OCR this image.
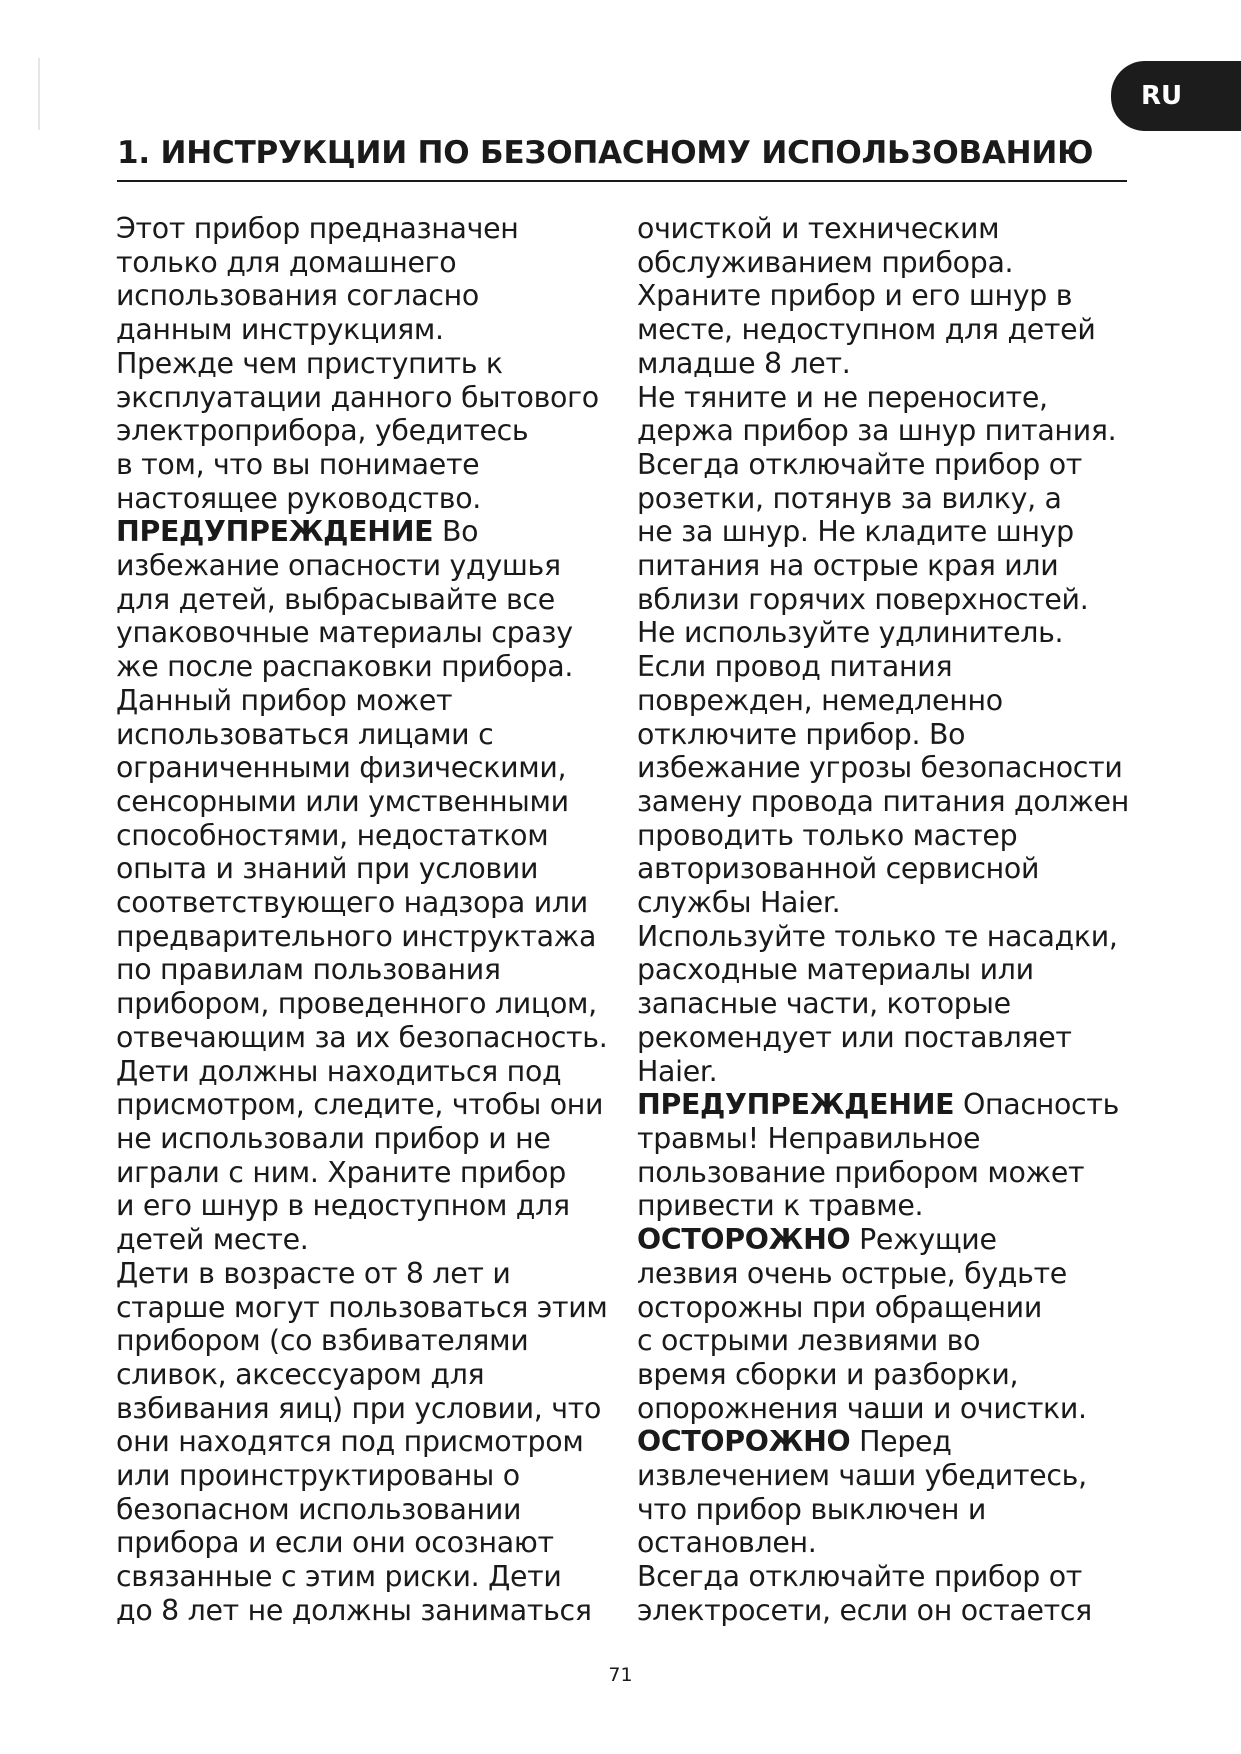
RU
1. ИНСТРУКЦИИ ПО БЕЗОПАСНОМУ ИСПОЛЬЗОВАНИЮ
Этот прибор предназначен
только для домашнего
использования согласно
данным инструкциям.
Прежде чем приступить к
эксплуатации данного бытового
электроприбора, убедитесь
в том, что вы понимаете
настоящее руководство.
ПРЕДУПРЕЖДЕНИЕ Во
избежание опасности удушья
для детей, выбрасывайте все
упаковочные материалы сразу
же после распаковки прибора.
Данный прибор может
использоваться лицами с
ограниченными физическими,
сенсорными или умственными
способностями, недостатком
опыта и знаний при условии
соответствующего надзора или
предварительного инструктажа
по правилам пользования
прибором, проведенного лицом,
отвечающим за их безопасность.
Дети должны находиться под
присмотром, следите, чтобы они
не использовали прибор и не
играли с ним. Храните прибор
и его шнур в недоступном для
детей месте.
Дети в возрасте от 8 лет и
старше могут пользоваться этим
прибором (со взбивателями
сливок, аксессуаром для
взбивания яиц) при условии, что
они находятся под присмотром
или проинструктированы о
безопасном использовании
прибора и если они осознают
связанные с этим риски. Дети
до 8 лет не должны заниматься
очисткой и техническим
обслуживанием прибора.
Храните прибор и его шнур в
месте, недоступном для детей
младше 8 лет.
Не тяните и не переносите,
держа прибор за шнур питания.
Всегда отключайте прибор от
розетки, потянув за вилку, а
не за шнур. Не кладите шнур
питания на острые края или
вблизи горячих поверхностей.
Не используйте удлинитель.
Если провод питания
поврежден, немедленно
отключите прибор. Во
избежание угрозы безопасности
замену провода питания должен
проводить только мастер
авторизованной сервисной
службы Haier.
Используйте только те насадки,
расходные материалы или
запасные части, которые
рекомендует или поставляет
Haier.
ПРЕДУПРЕЖДЕНИЕ Опасность
травмы! Неправильное
пользование прибором может
привести к травме.
ОСТОРОЖНО Режущие
лезвия очень острые, будьте
осторожны при обращении
с острыми лезвиями во
время сборки и разборки,
опорожнения чаши и очистки.
ОСТОРОЖНО Перед
извлечением чаши убедитесь,
что прибор выключен и
остановлен.
Всегда отключайте прибор от
электросети, если он остается
71
